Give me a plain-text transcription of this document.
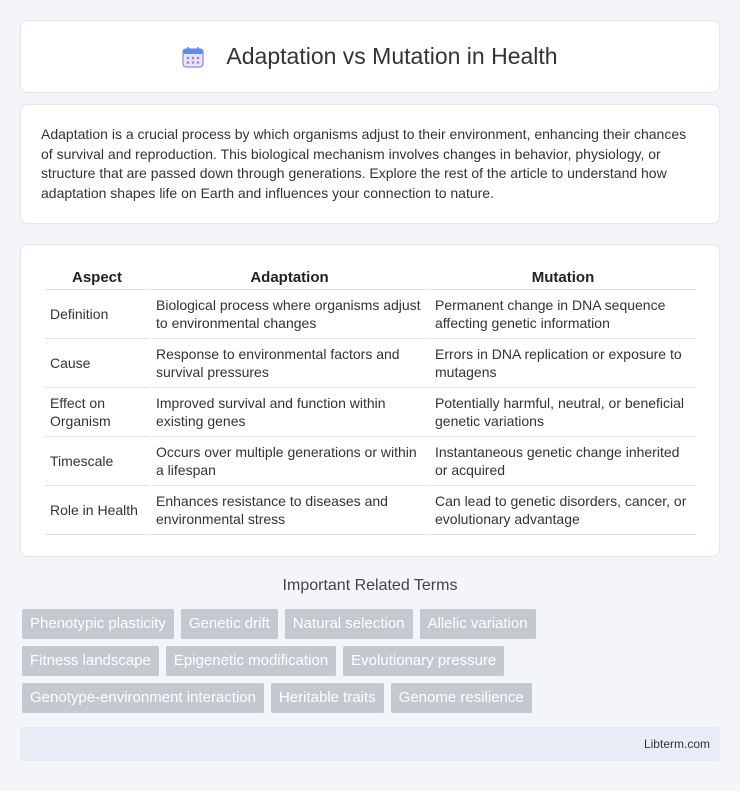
Adaptation vs Mutation in Health

Adaptation is a crucial process by which organisms adjust to their environment, enhancing their chances of survival and reproduction. This biological mechanism involves changes in behavior, physiology, or structure that are passed down through generations. Explore the rest of the article to understand how adaptation shapes life on Earth and influences your connection to nature.

Aspect	Adaptation	Mutation
Definition	Biological process where organisms adjust to environmental changes	Permanent change in DNA sequence affecting genetic information
Cause	Response to environmental factors and survival pressures	Errors in DNA replication or exposure to mutagens
Effect on Organism	Improved survival and function within existing genes	Potentially harmful, neutral, or beneficial genetic variations
Timescale	Occurs over multiple generations or within a lifespan	Instantaneous genetic change inherited or acquired
Role in Health	Enhances resistance to diseases and environmental stress	Can lead to genetic disorders, cancer, or evolutionary advantage
Important Related Terms
Phenotypic plasticity	Genetic drift	Natural selection	Allelic variation
Fitness landscape	Epigenetic modification	Evolutionary pressure
Genotype-environment interaction	Heritable traits	Genome resilience
Libterm.com
